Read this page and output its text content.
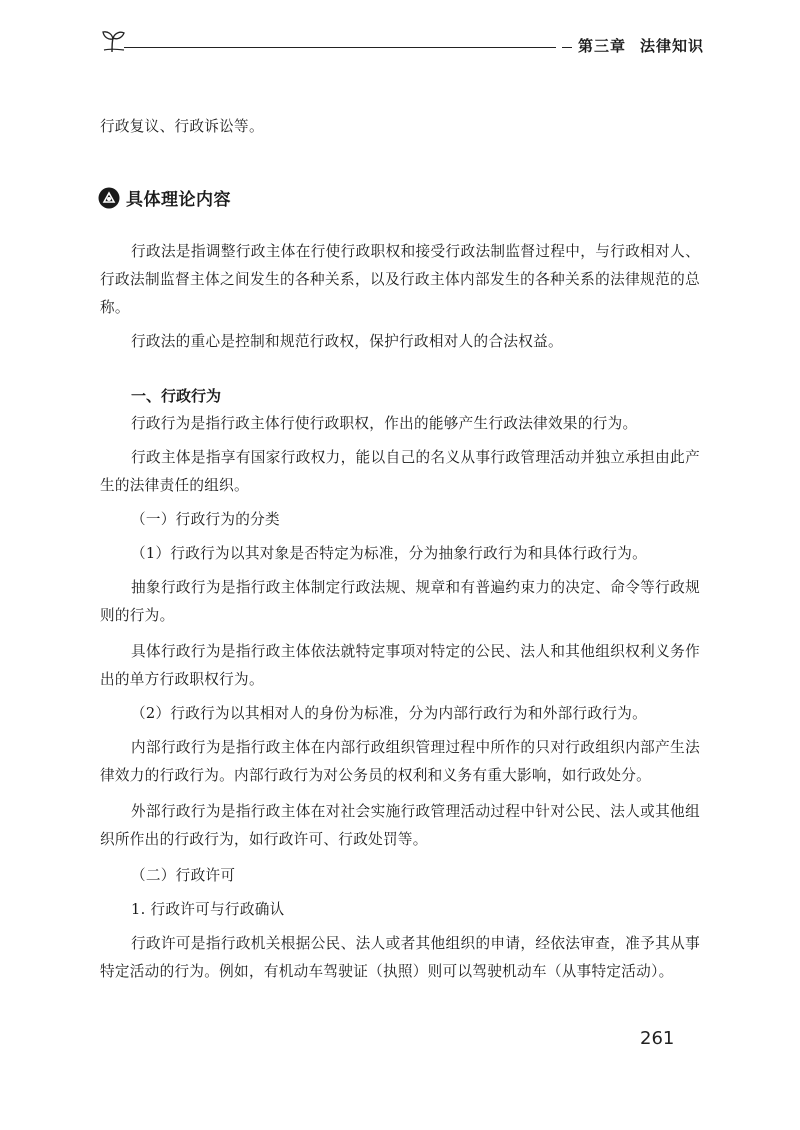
第三章 法律知识

行政复议、行政诉讼等。

具体理论内容

行政法是指调整行政主体在行使行政职权和接受行政法制监督过程中，与行政相对人、行政法制监督主体之间发生的各种关系，以及行政主体内部发生的各种关系的法律规范的总称。

行政法的重心是控制和规范行政权，保护行政相对人的合法权益。

一、行政行为

行政行为是指行政主体行使行政职权，作出的能够产生行政法律效果的行为。

行政主体是指享有国家行政权力，能以自己的名义从事行政管理活动并独立承担由此产生的法律责任的组织。

（一）行政行为的分类

（1）行政行为以其对象是否特定为标准，分为抽象行政行为和具体行政行为。

抽象行政行为是指行政主体制定行政法规、规章和有普遍约束力的决定、命令等行政规则的行为。

具体行政行为是指行政主体依法就特定事项对特定的公民、法人和其他组织权利义务作出的单方行政职权行为。

（2）行政行为以其相对人的身份为标准，分为内部行政行为和外部行政行为。

内部行政行为是指行政主体在内部行政组织管理过程中所作的只对行政组织内部产生法律效力的行政行为。内部行政行为对公务员的权利和义务有重大影响，如行政处分。

外部行政行为是指行政主体在对社会实施行政管理活动过程中针对公民、法人或其他组织所作出的行政行为，如行政许可、行政处罚等。

（二）行政许可

1. 行政许可与行政确认

行政许可是指行政机关根据公民、法人或者其他组织的申请，经依法审查，准予其从事特定活动的行为。例如，有机动车驾驶证（执照）则可以驾驶机动车（从事特定活动）。

261
